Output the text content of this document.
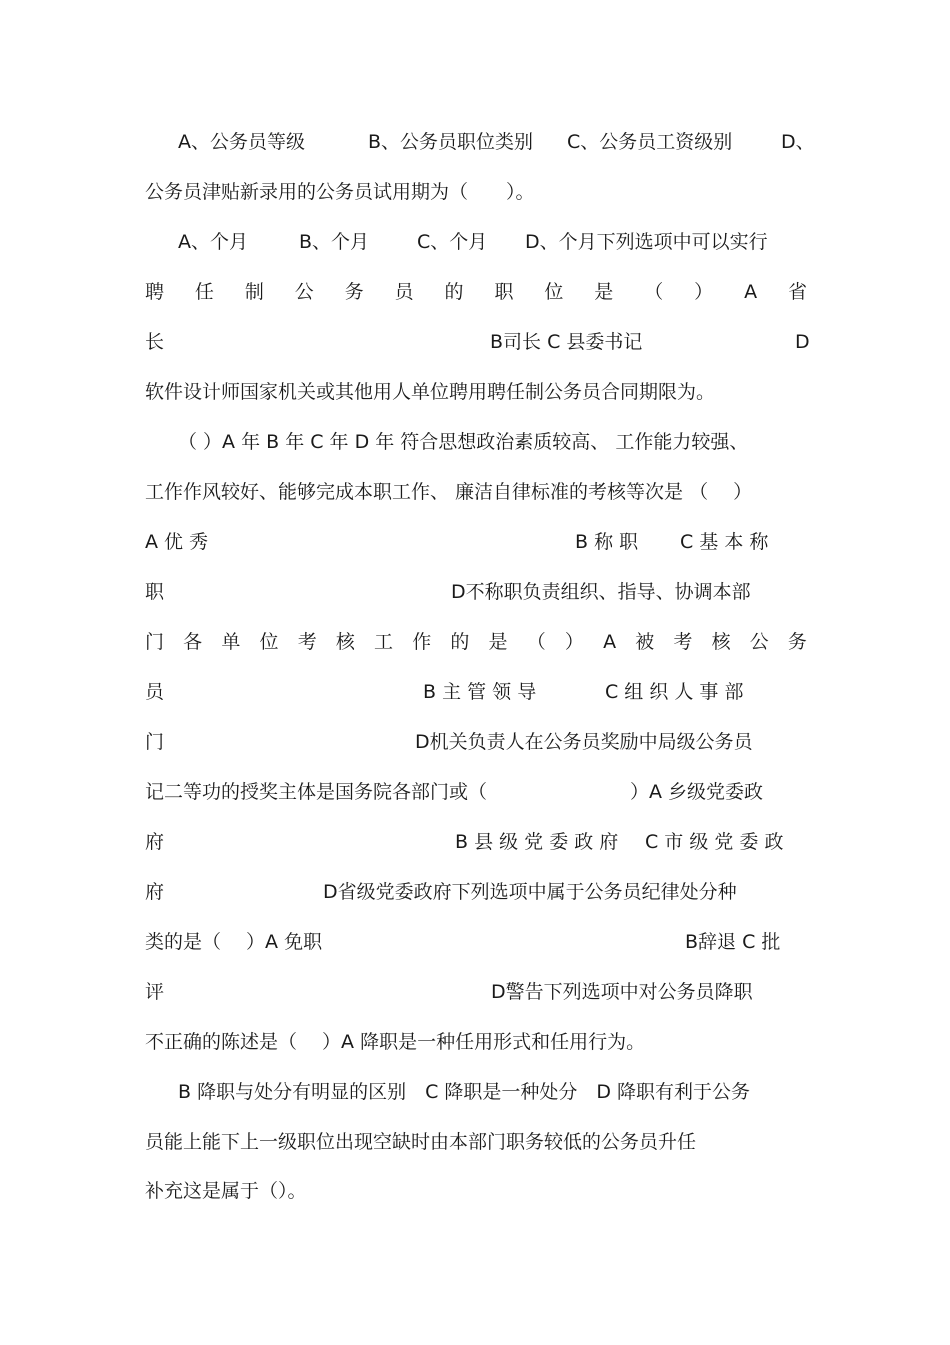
A、公务员等级	B、公务员职位类别 C、公务员工资级别	D、
公务员津贴新录用的公务员试用期为（　　）。
A、个月	B、个月	C、个月 D、个月下列选项中可以实行
聘 任 制 公 务 员 的 职 位 是 （ ） A 省
长	B司长 C 县委书记	D
软件设计师国家机关或其他用人单位聘用聘任制公务员合同期限为。
（ ）A 年 B 年 C 年 D 年 符合思想政治素质较高、 工作能力较强、
工作作风较好、能够完成本职工作、 廉洁自律标准的考核等次是 （　 ）
A 优 秀	B 称 职 C 基 本 称
职	D不称职负责组织、指导、协调本部
门 各 单 位 考 核 工 作 的 是 （ ） A 被 考 核 公 务
员	B 主 管 领 导	C 组 织 人 事 部
门	D机关负责人在公务员奖励中局级公务员
记二等功的授奖主体是国务院各部门或（	）A 乡级党委政
府	B 县 级 党 委 政 府 C 市 级 党 委 政
府	D省级党委政府下列选项中属于公务员纪律处分种
类的是（　 ）A 免职	B辞退 C 批
评	D警告下列选项中对公务员降职
不正确的陈述是（　 ）A 降职是一种任用形式和任用行为。
B 降职与处分有明显的区别　C 降职是一种处分　D 降职有利于公务
员能上能下上一级职位出现空缺时由本部门职务较低的公务员升任
补充这是属于（）。
